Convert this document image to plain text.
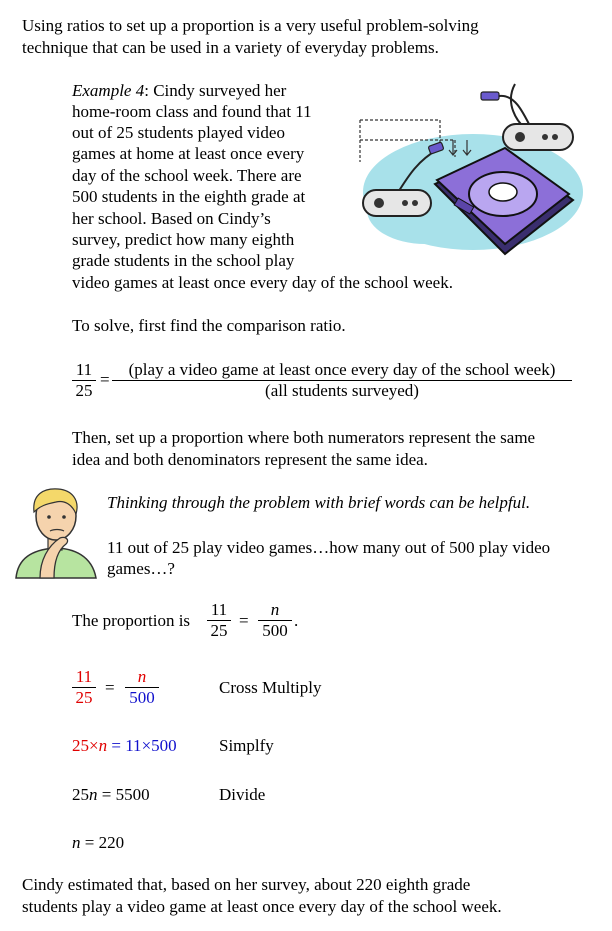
Using ratios to set up a proportion is a very useful problem-solving
technique that can be used in a variety of everyday problems.
Example 4: Cindy surveyed her
home-room class and found that 11
out of 25 students played video
games at home at least once every
day of the school week. There are
500 students in the eighth grade at
her school. Based on Cindy’s
survey, predict how many eighth
grade students in the school play
video games at least once every day of the school week.
To solve, first find the comparison ratio.
11
25
=
(play a video game at least once every day of the school week)
(all students surveyed)
Then, set up a proportion where both numerators represent the same
idea and both denominators represent the same idea.
Thinking through the problem with brief words can be helpful.
11 out of 25 play video games…how many out of 500 play video
games…?
The proportion is
11
25
=
n
500
.
11
25
=
n
500
Cross Multiply
25×n = 11×500 Simplfy
25n = 5500	Divide
n = 220
Cindy estimated that, based on her survey, about 220 eighth grade
students play a video game at least once every day of the school week.
